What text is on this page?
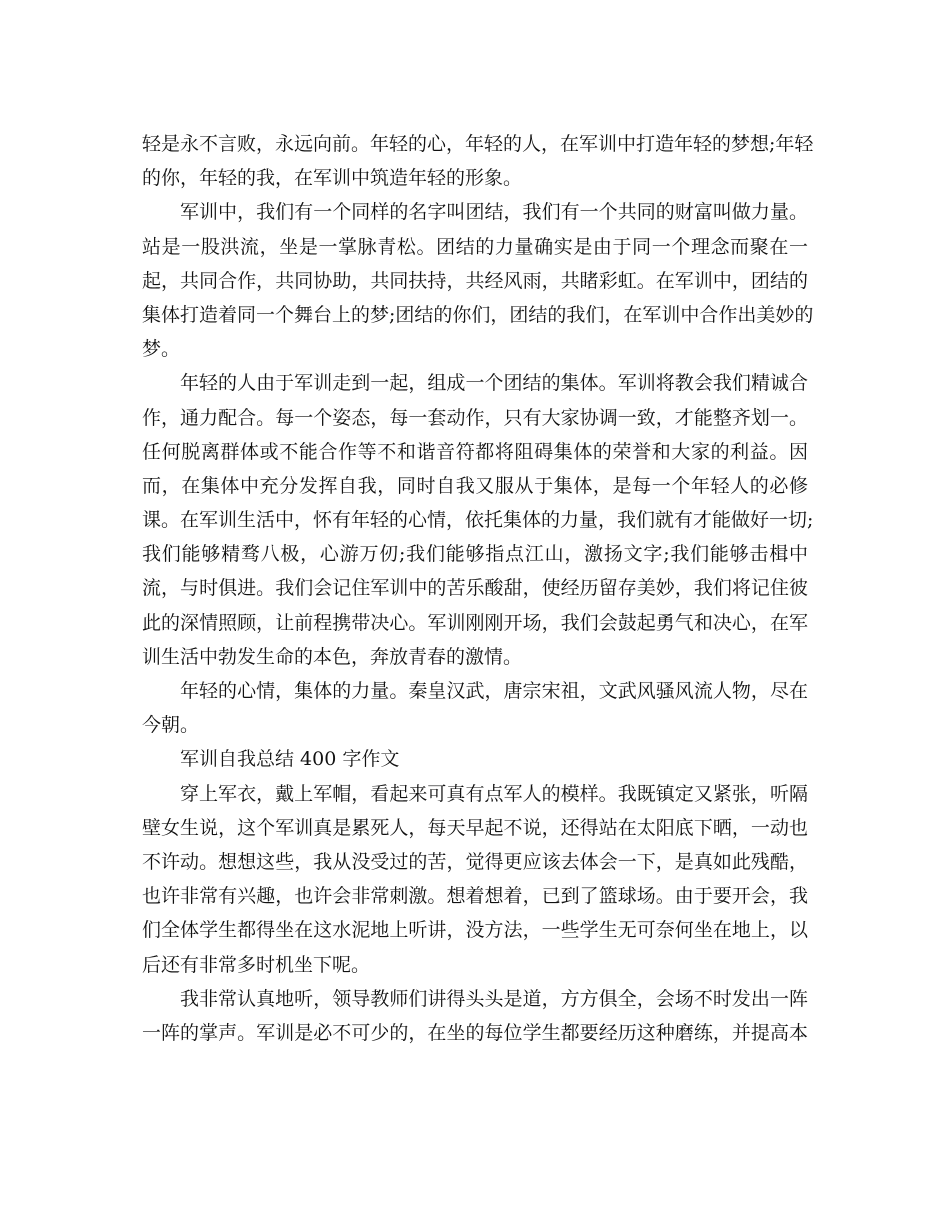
轻是永不言败，永远向前。年轻的心，年轻的人，在军训中打造年轻的梦想;年轻
的你，年轻的我，在军训中筑造年轻的形象。
军训中，我们有一个同样的名字叫团结，我们有一个共同的财富叫做力量。
站是一股洪流，坐是一掌脉青松。团结的力量确实是由于同一个理念而聚在一
起，共同合作，共同协助，共同扶持，共经风雨，共睹彩虹。在军训中，团结的
集体打造着同一个舞台上的梦;团结的你们，团结的我们，在军训中合作出美妙的
梦。
年轻的人由于军训走到一起，组成一个团结的集体。军训将教会我们精诚合
作，通力配合。每一个姿态，每一套动作，只有大家协调一致，才能整齐划一。
任何脱离群体或不能合作等不和谐音符都将阻碍集体的荣誉和大家的利益。因
而，在集体中充分发挥自我，同时自我又服从于集体，是每一个年轻人的必修
课。在军训生活中，怀有年轻的心情，依托集体的力量，我们就有才能做好一切;
我们能够精骛八极，心游万仞;我们能够指点江山，激扬文字;我们能够击楫中
流，与时俱进。我们会记住军训中的苦乐酸甜，使经历留存美妙，我们将记住彼
此的深情照顾，让前程携带决心。军训刚刚开场，我们会鼓起勇气和决心，在军
训生活中勃发生命的本色，奔放青春的激情。
年轻的心情，集体的力量。秦皇汉武，唐宗宋祖，文武风骚风流人物，尽在
今朝。
军训自我总结 400 字作文
穿上军衣，戴上军帽，看起来可真有点军人的模样。我既镇定又紧张，听隔
壁女生说，这个军训真是累死人，每天早起不说，还得站在太阳底下晒，一动也
不许动。想想这些，我从没受过的苦，觉得更应该去体会一下，是真如此残酷，
也许非常有兴趣，也许会非常刺激。想着想着，已到了篮球场。由于要开会，我
们全体学生都得坐在这水泥地上听讲，没方法，一些学生无可奈何坐在地上，以
后还有非常多时机坐下呢。
我非常认真地听，领导教师们讲得头头是道，方方俱全，会场不时发出一阵
一阵的掌声。军训是必不可少的，在坐的每位学生都要经历这种磨练，并提高本
